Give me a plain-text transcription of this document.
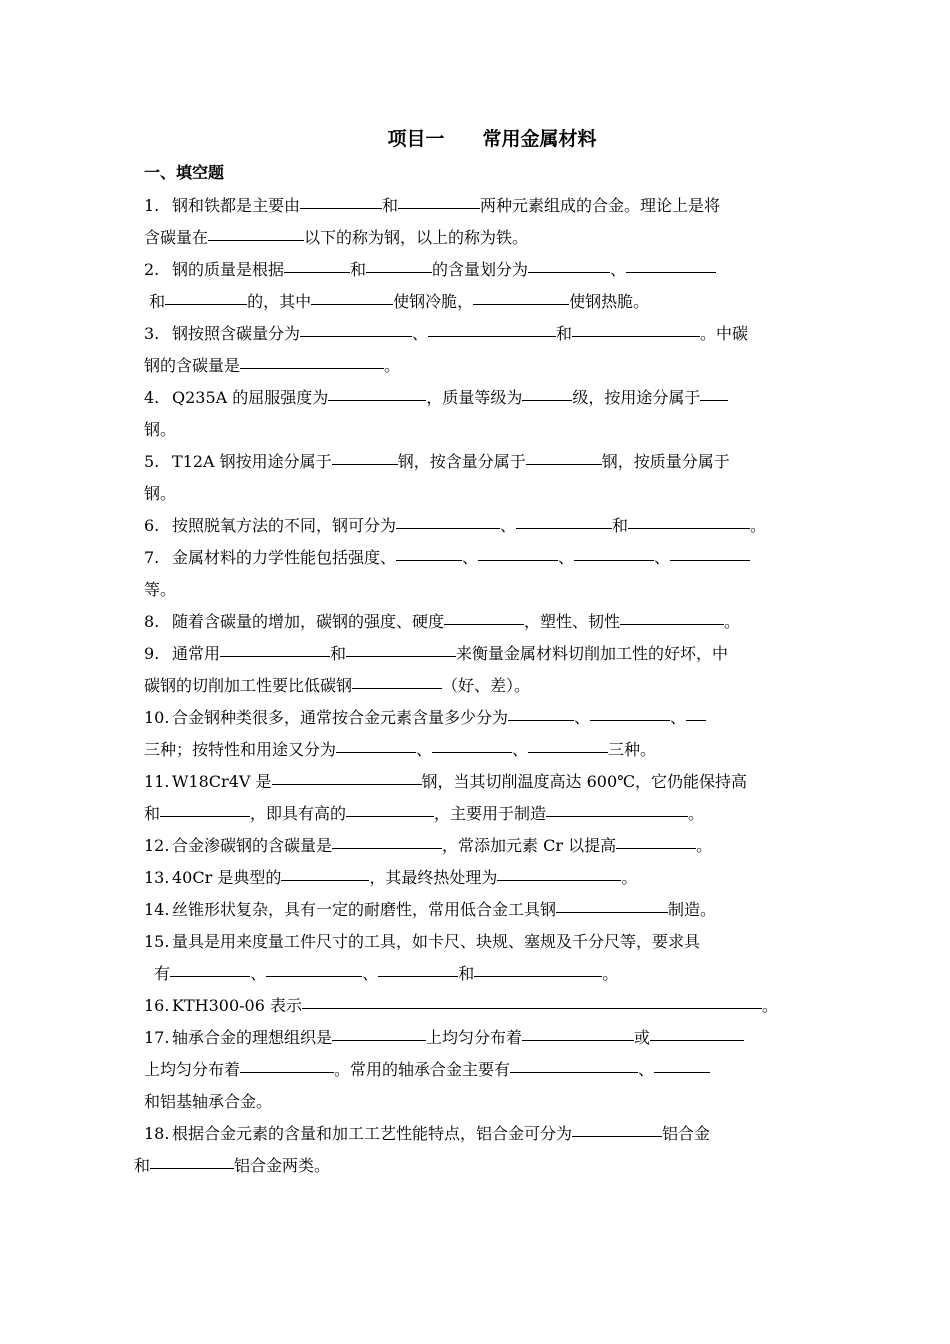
项目一　　常用金属材料
一、填空题
1. 钢和铁都是主要由	和	两种元素组成的合金。理论上是将
含碳量在	以下的称为钢，以上的称为铁。
2. 钢的质量是根据	和	的含量划分为	、
和	的，其中	使钢冷脆，	使钢热脆。
3. 钢按照含碳量分为	、	和	。中碳
钢的含碳量是	。
4. Q235A 的屈服强度为	，质量等级为	级，按用途分属于
钢。
5. T12A 钢按用途分属于	钢，按含量分属于	钢，按质量分属于
钢。
6. 按照脱氧方法的不同，钢可分为	、	和	。
7. 金属材料的力学性能包括强度、	、	、	、
等。
8. 随着含碳量的增加，碳钢的强度、硬度	，塑性、韧性	。
9. 通常用	和	来衡量金属材料切削加工性的好坏，中
碳钢的切削加工性要比低碳钢	（好、差）。
10. 合金钢种类很多，通常按合金元素含量多少分为	、	、
三种；按特性和用途又分为	、	、	三种。
11. W18Cr4V 是	钢，当其切削温度高达 600℃，它仍能保持高
和	，即具有高的	，主要用于制造	。
12. 合金渗碳钢的含碳量是	，常添加元素 Cr 以提高	。
13. 40Cr 是典型的	，其最终热处理为	。
14. 丝锥形状复杂，具有一定的耐磨性，常用低合金工具钢	制造。
15. 量具是用来度量工件尺寸的工具，如卡尺、块规、塞规及千分尺等，要求具
有	、	、	和	。
16. KTH300-06 表示	。
17. 轴承合金的理想组织是	上均匀分布着	或
上均匀分布着	。常用的轴承合金主要有	、
和铝基轴承合金。
18. 根据合金元素的含量和加工工艺性能特点，铝合金可分为	铝合金
和	铝合金两类。
